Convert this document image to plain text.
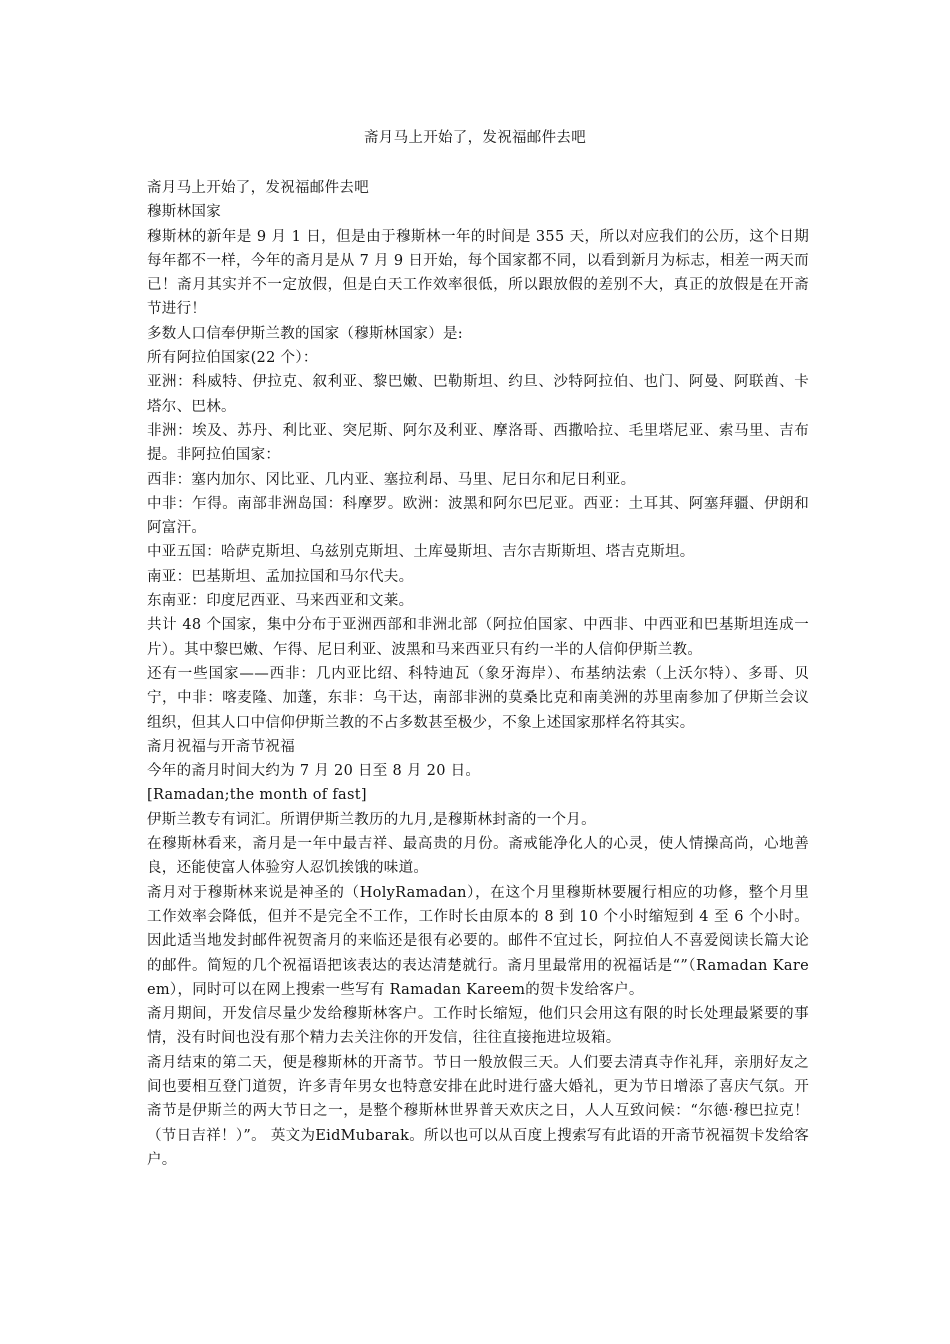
斋月马上开始了，发祝福邮件去吧

斋月马上开始了，发祝福邮件去吧

穆斯林国家

穆斯林的新年是 9 月 1 日，但是由于穆斯林一年的时间是 355 天，所以对应我们的公历，这个日期每年都不一样，今年的斋月是从 7 月 9 日开始，每个国家都不同，以看到新月为标志，相差一两天而已！斋月其实并不一定放假，但是白天工作效率很低，所以跟放假的差别不大，真正的放假是在开斋节进行！

多数人口信奉伊斯兰教的国家（穆斯林国家）是:

所有阿拉伯国家(22 个）：

亚洲：科威特、伊拉克、叙利亚、黎巴嫩、巴勒斯坦、约旦、沙特阿拉伯、也门、阿曼、阿联酋、卡塔尔、巴林。

非洲：埃及、苏丹、利比亚、突尼斯、阿尔及利亚、摩洛哥、西撒哈拉、毛里塔尼亚、索马里、吉布提。非阿拉伯国家：

西非：塞内加尔、冈比亚、几内亚、塞拉利昂、马里、尼日尔和尼日利亚。

中非：乍得。南部非洲岛国：科摩罗。欧洲：波黑和阿尔巴尼亚。西亚：土耳其、阿塞拜疆、伊朗和阿富汗。

中亚五国：哈萨克斯坦、乌兹别克斯坦、土库曼斯坦、吉尔吉斯斯坦、塔吉克斯坦。

南亚：巴基斯坦、孟加拉国和马尔代夫。

东南亚：印度尼西亚、马来西亚和文莱。

共计 48 个国家，集中分布于亚洲西部和非洲北部（阿拉伯国家、中西非、中西亚和巴基斯坦连成一片）。其中黎巴嫩、乍得、尼日利亚、波黑和马来西亚只有约一半的人信仰伊斯兰教。

还有一些国家——西非：几内亚比绍、科特迪瓦（象牙海岸）、布基纳法索（上沃尔特）、多哥、贝宁，中非：喀麦隆、加蓬，东非：乌干达，南部非洲的莫桑比克和南美洲的苏里南参加了伊斯兰会议组织，但其人口中信仰伊斯兰教的不占多数甚至极少，不象上述国家那样名符其实。

斋月祝福与开斋节祝福

今年的斋月时间大约为 7 月 20 日至 8 月 20 日。

[Ramadan;the month of fast]

伊斯兰教专有词汇。所谓伊斯兰教历的九月,是穆斯林封斋的一个月。

在穆斯林看来，斋月是一年中最吉祥、最高贵的月份。斋戒能净化人的心灵，使人情操高尚，心地善良，还能使富人体验穷人忍饥挨饿的味道。

斋月对于穆斯林来说是神圣的（HolyRamadan），在这个月里穆斯林要履行相应的功修，整个月里工作效率会降低，但并不是完全不工作，工作时长由原本的 8 到 10 个小时缩短到 4 至 6 个小时。因此适当地发封邮件祝贺斋月的来临还是很有必要的。邮件不宜过长，阿拉伯人不喜爱阅读长篇大论的邮件。简短的几个祝福语把该表达的表达清楚就行。斋月里最常用的祝福话是“”（Ramadan Kareem），同时可以在网上搜索一些写有 Ramadan Kareem的贺卡发给客户。

斋月期间，开发信尽量少发给穆斯林客户。工作时长缩短，他们只会用这有限的时长处理最紧要的事情，没有时间也没有那个精力去关注你的开发信，往往直接拖进垃圾箱。

斋月结束的第二天，便是穆斯林的开斋节。节日一般放假三天。人们要去清真寺作礼拜，亲朋好友之间也要相互登门道贺，许多青年男女也特意安排在此时进行盛大婚礼，更为节日增添了喜庆气氛。开斋节是伊斯兰的两大节日之一，是整个穆斯林世界普天欢庆之日，人人互致问候：“尔德·穆巴拉克！（节日吉祥！）”。 英文为EidMubarak。所以也可以从百度上搜索写有此语的开斋节祝福贺卡发给客户。
